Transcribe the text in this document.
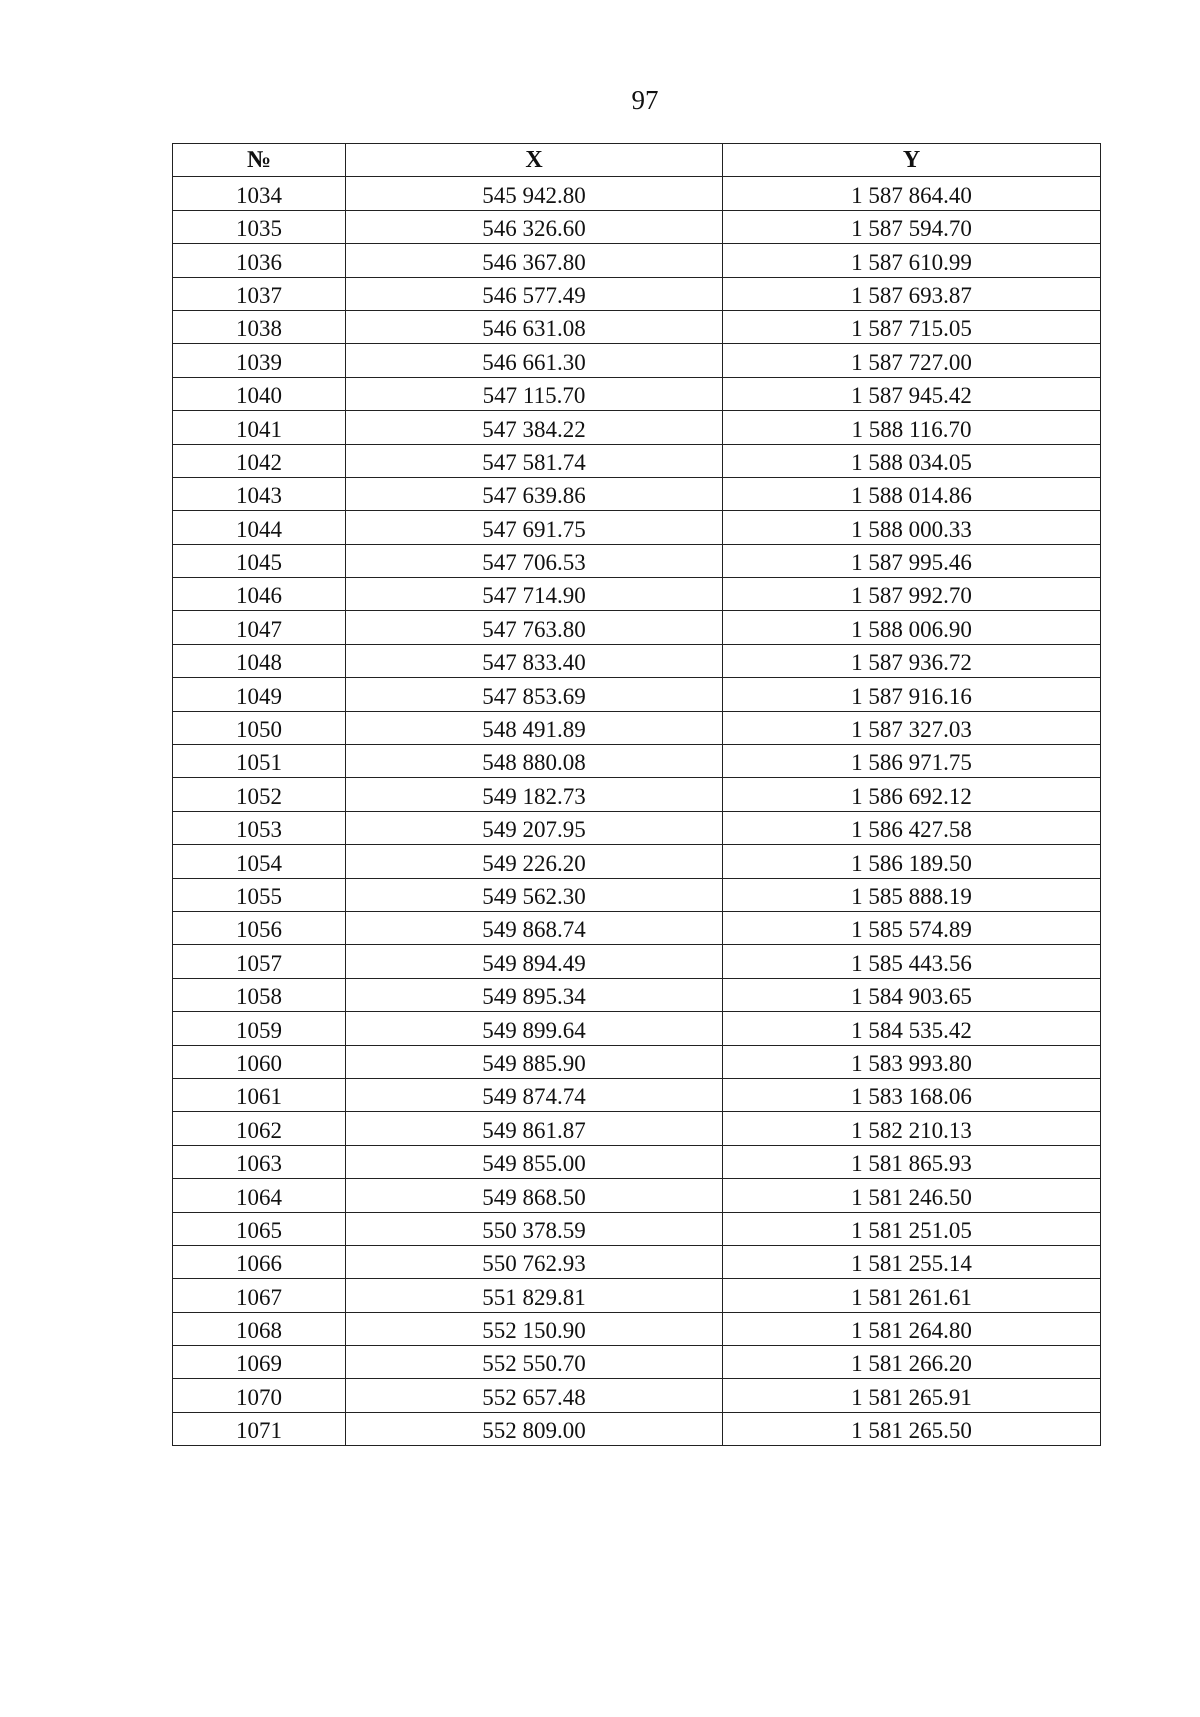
97
№	X	Y
1034	545 942.80	1 587 864.40
1035	546 326.60	1 587 594.70
1036	546 367.80	1 587 610.99
1037	546 577.49	1 587 693.87
1038	546 631.08	1 587 715.05
1039	546 661.30	1 587 727.00
1040	547 115.70	1 587 945.42
1041	547 384.22	1 588 116.70
1042	547 581.74	1 588 034.05
1043	547 639.86	1 588 014.86
1044	547 691.75	1 588 000.33
1045	547 706.53	1 587 995.46
1046	547 714.90	1 587 992.70
1047	547 763.80	1 588 006.90
1048	547 833.40	1 587 936.72
1049	547 853.69	1 587 916.16
1050	548 491.89	1 587 327.03
1051	548 880.08	1 586 971.75
1052	549 182.73	1 586 692.12
1053	549 207.95	1 586 427.58
1054	549 226.20	1 586 189.50
1055	549 562.30	1 585 888.19
1056	549 868.74	1 585 574.89
1057	549 894.49	1 585 443.56
1058	549 895.34	1 584 903.65
1059	549 899.64	1 584 535.42
1060	549 885.90	1 583 993.80
1061	549 874.74	1 583 168.06
1062	549 861.87	1 582 210.13
1063	549 855.00	1 581 865.93
1064	549 868.50	1 581 246.50
1065	550 378.59	1 581 251.05
1066	550 762.93	1 581 255.14
1067	551 829.81	1 581 261.61
1068	552 150.90	1 581 264.80
1069	552 550.70	1 581 266.20
1070	552 657.48	1 581 265.91
1071	552 809.00	1 581 265.50
